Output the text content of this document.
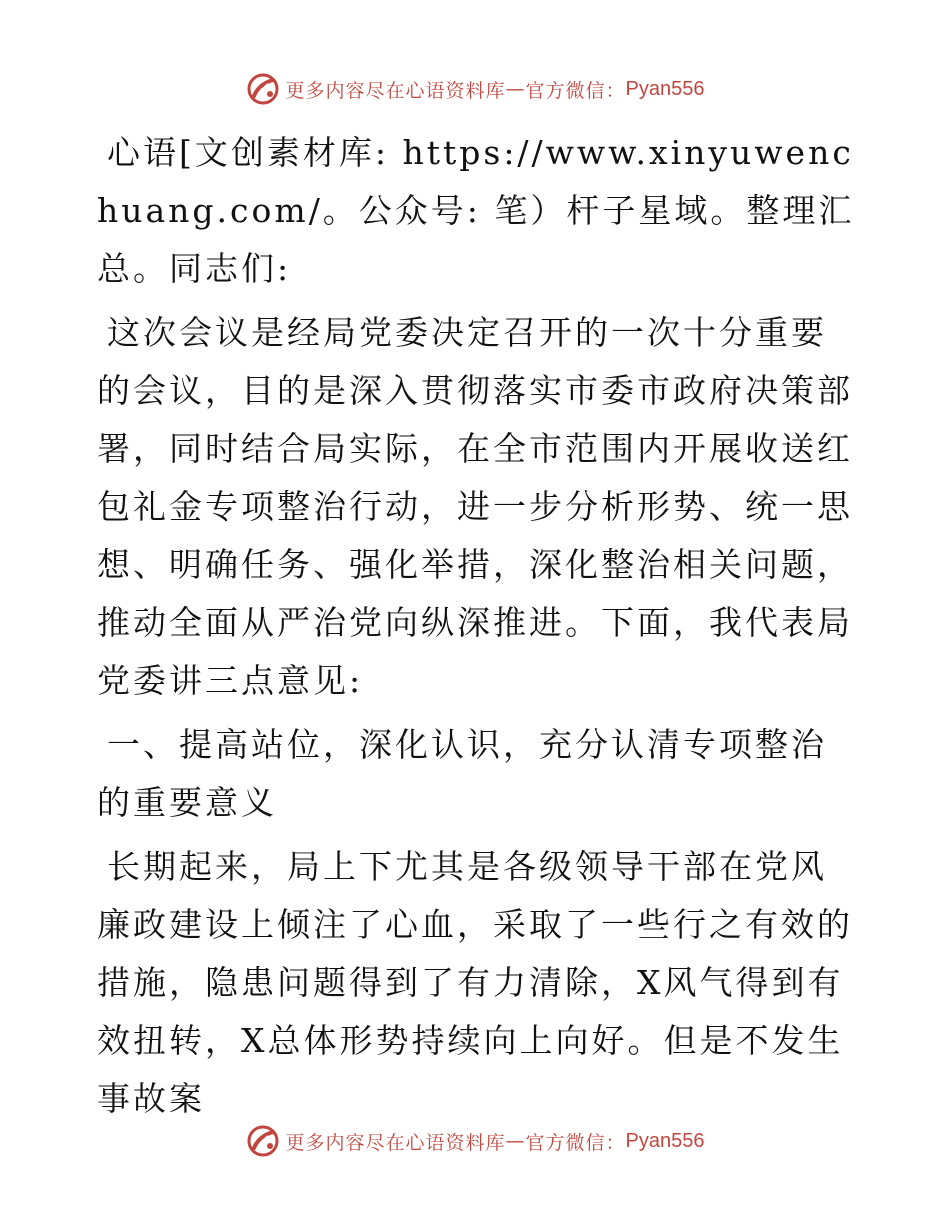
更多内容尽在心语资料库 — 官方微信： Pyan556

心语[文创素材库: https://www.xinyuwenchuang.com/。公众号: 笔）杆子星域。整理汇总。同志们:

这次会议是经局党委决定召开的一次十分重要的会议，目的是深入贯彻落实市委市政府决策部署，同时结合局实际，在全市范围内开展收送红包礼金专项整治行动，进一步分析形势、统一思想、明确任务、强化举措，深化整治相关问题，推动全面从严治党向纵深推进。下面，我代表局党委讲三点意见:

一、提高站位，深化认识，充分认清专项整治的重要意义

长期起来，局上下尤其是各级领导干部在党风廉政建设上倾注了心血，采取了一些行之有效的措施，隐患问题得到了有力清除，X风气得到有效扭转，X总体形势持续向上向好。但是不发生事故案

更多内容尽在心语资料库 — 官方微信： Pyan556
